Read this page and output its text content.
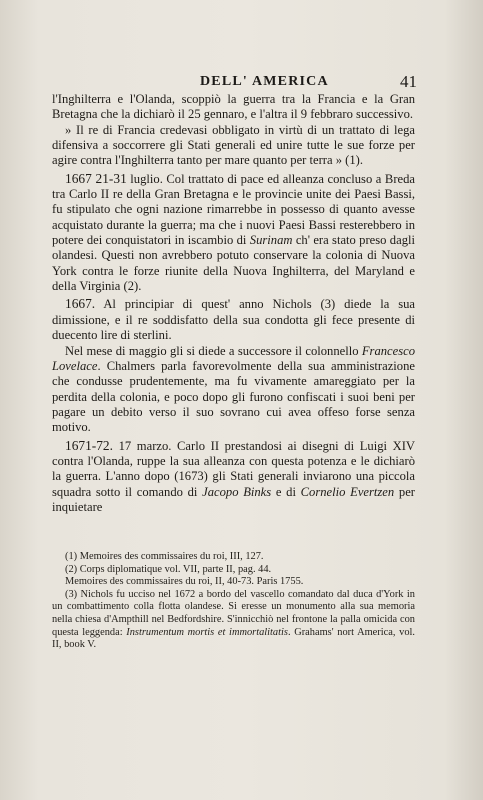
DELL' AMERICA	41

l'Inghilterra e l'Olanda, scoppiò la guerra tra la Francia e la Gran Bretagna che la dichiarò il 25 gennaro, e l'altra il 9 febbraro successivo.

» Il re di Francia credevasi obbligato in virtù di un trattato di lega difensiva a soccorrere gli Stati generali ed unire tutte le sue forze per agire contra l'Inghilterra tanto per mare quanto per terra » (1).

1667 21-31 luglio. Col trattato di pace ed alleanza concluso a Breda tra Carlo II re della Gran Bretagna e le provincie unite dei Paesi Bassi, fu stipulato che ogni nazione rimarrebbe in possesso di quanto avesse acquistato durante la guerra; ma che i nuovi Paesi Bassi resterebbero in potere dei conquistatori in iscambio di Surinam ch' era stato preso dagli olandesi. Questi non avrebbero potuto conservare la colonia di Nuova York contra le forze riunite della Nuova Inghilterra, del Maryland e della Virginia (2).

1667. Al principiar di quest' anno Nichols (3) diede la sua dimissione, e il re soddisfatto della sua condotta gli fece presente di duecento lire di sterlini.

Nel mese di maggio gli si diede a successore il colonnello Francesco Lovelace. Chalmers parla favorevolmente della sua amministrazione che condusse prudentemente, ma fu vivamente amareggiato per la perdita della colonia, e poco dopo gli furono confiscati i suoi beni per pagare un debito verso il suo sovrano cui avea offeso forse senza motivo.

1671-72. 17 marzo. Carlo II prestandosi ai disegni di Luigi XIV contra l'Olanda, ruppe la sua alleanza con questa potenza e le dichiarò la guerra. L'anno dopo (1673) gli Stati generali inviarono una piccola squadra sotto il comando di Jacopo Binks e di Cornelio Evertzen per inquietare

(1) Memoires des commissaires du roi, III, 127.

(2) Corps diplomatique vol. VII, parte II, pag. 44.

Memoires des commissaires du roi, II, 40-73. Paris 1755.

(3) Nichols fu ucciso nel 1672 a bordo del vascello comandato dal duca d'York in un combattimento colla flotta olandese. Si eresse un monumento alla sua memoria nella chiesa d'Ampthill nel Bedfordshire. S'innicchiò nel frontone la palla omicida con questa leggenda: Instrumentum mortis et immortalitatis. Grahams' nort America, vol. II, book V.
